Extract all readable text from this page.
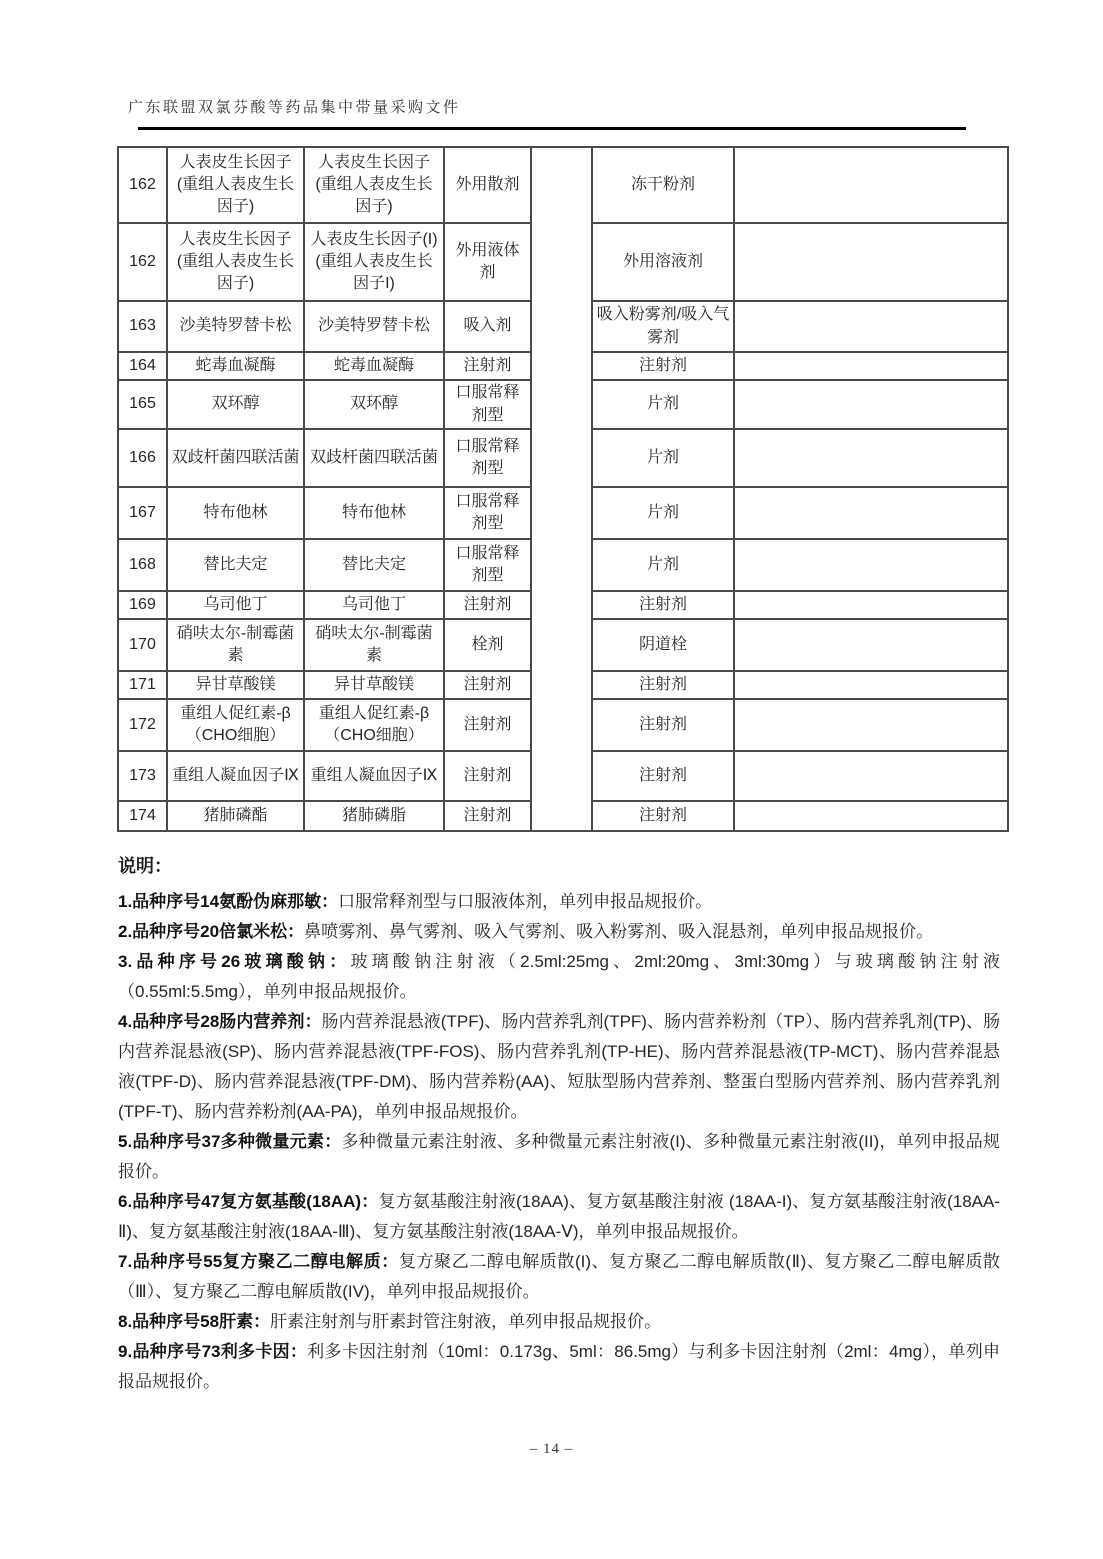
广东联盟双氯芬酸等药品集中带量采购文件
162	人表皮生长因子(重组人表皮生长因子)	人表皮生长因子(重组人表皮生长因子)	外用散剂		冻干粉剂	
162	人表皮生长因子(重组人表皮生长因子)	人表皮生长因子(I) (重组人表皮生长因子I)	外用液体剂		外用溶液剂	
163	沙美特罗替卡松	沙美特罗替卡松	吸入剂		吸入粉雾剂/吸入气雾剂	
164	蛇毒血凝酶	蛇毒血凝酶	注射剂		注射剂	
165	双环醇	双环醇	口服常释剂型		片剂	
166	双歧杆菌四联活菌	双歧杆菌四联活菌	口服常释剂型		片剂	
167	特布他林	特布他林	口服常释剂型		片剂	
168	替比夫定	替比夫定	口服常释剂型		片剂	
169	乌司他丁	乌司他丁	注射剂		注射剂	
170	硝呋太尔-制霉菌素	硝呋太尔-制霉菌素	栓剂		阴道栓	
171	异甘草酸镁	异甘草酸镁	注射剂		注射剂	
172	重组人促红素-β（CHO细胞）	重组人促红素-β（CHO细胞）	注射剂		注射剂	
173	重组人凝血因子Ⅸ	重组人凝血因子Ⅸ	注射剂		注射剂	
174	猪肺磷酯	猪肺磷脂	注射剂		注射剂	
说明：

1.品种序号14氨酚伪麻那敏：口服常释剂型与口服液体剂，单列申报品规报价。

2.品种序号20倍氯米松：鼻喷雾剂、鼻气雾剂、吸入气雾剂、吸入粉雾剂、吸入混悬剂，单列申报品规报价。

3.品种序号26玻璃酸钠：玻璃酸钠注射液（2.5ml:25mg、2ml:20mg、3ml:30mg）与玻璃酸钠注射液（0.55ml:5.5mg），单列申报品规报价。

4.品种序号28肠内营养剂：肠内营养混悬液(TPF)、肠内营养乳剂(TPF)、肠内营养粉剂（TP）、肠内营养乳剂(TP)、肠内营养混悬液(SP)、肠内营养混悬液(TPF-FOS)、肠内营养乳剂(TP-HE)、肠内营养混悬液(TP-MCT)、肠内营养混悬液(TPF-D)、肠内营养混悬液(TPF-DM)、肠内营养粉(AA)、短肽型肠内营养剂、整蛋白型肠内营养剂、肠内营养乳剂(TPF-T)、肠内营养粉剂(AA-PA)，单列申报品规报价。

5.品种序号37多种微量元素：多种微量元素注射液、多种微量元素注射液(I)、多种微量元素注射液(II)，单列申报品规报价。

6.品种序号47复方氨基酸(18AA)：复方氨基酸注射液(18AA)、复方氨基酸注射液 (18AA-I)、复方氨基酸注射液(18AA-Ⅱ)、复方氨基酸注射液(18AA-Ⅲ)、复方氨基酸注射液(18AA-Ⅴ)，单列申报品规报价。

7.品种序号55复方聚乙二醇电解质：复方聚乙二醇电解质散(I)、复方聚乙二醇电解质散(Ⅱ)、复方聚乙二醇电解质散（Ⅲ）、复方聚乙二醇电解质散(IV)，单列申报品规报价。

8.品种序号58肝素：肝素注射剂与肝素封管注射液，单列申报品规报价。

9.品种序号73利多卡因：利多卡因注射剂（10ml：0.173g、5ml：86.5mg）与利多卡因注射剂（2ml：4mg），单列申报品规报价。

– 14 –
